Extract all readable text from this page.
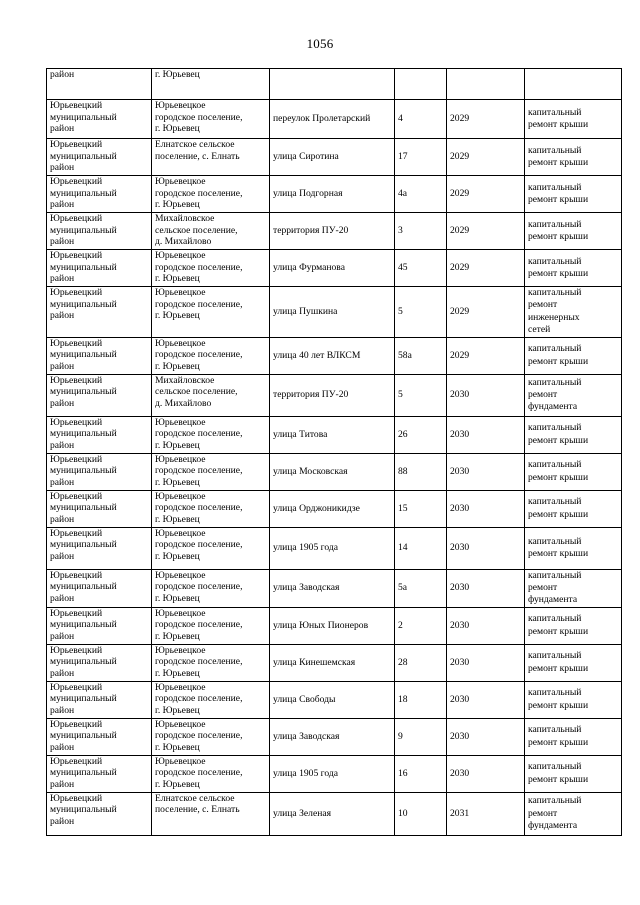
1056
район	г. Юрьевец				

Юрьевецкий
муниципальный
район	Юрьевецкое
городское поселение,
г. Юрьевец	переулок Пролетарский	4	2029	капитальный
ремонт крыши

Юрьевецкий
муниципальный
район	Елнатское сельское
поселение, с. Елнать	улица Сиротина	17	2029	капитальный
ремонт крыши

Юрьевецкий
муниципальный
район	Юрьевецкое
городское поселение,
г. Юрьевец	улица Подгорная	4а	2029	капитальный
ремонт крыши

Юрьевецкий
муниципальный
район	Михайловское
сельское поселение,
д. Михайлово	территория ПУ-20	3	2029	капитальный
ремонт крыши

Юрьевецкий
муниципальный
район	Юрьевецкое
городское поселение,
г. Юрьевец	улица Фурманова	45	2029	капитальный
ремонт крыши

Юрьевецкий
муниципальный
район	Юрьевецкое
городское поселение,
г. Юрьевец	улица Пушкина	5	2029	капитальный
ремонт
инженерных
сетей

Юрьевецкий
муниципальный
район	Юрьевецкое
городское поселение,
г. Юрьевец	улица 40 лет ВЛКСМ	58а	2029	капитальный
ремонт крыши

Юрьевецкий
муниципальный
район	Михайловское
сельское поселение,
д. Михайлово	территория ПУ-20	5	2030	капитальный
ремонт
фундамента

Юрьевецкий
муниципальный
район	Юрьевецкое
городское поселение,
г. Юрьевец	улица Титова	26	2030	капитальный
ремонт крыши

Юрьевецкий
муниципальный
район	Юрьевецкое
городское поселение,
г. Юрьевец	улица Московская	88	2030	капитальный
ремонт крыши

Юрьевецкий
муниципальный
район	Юрьевецкое
городское поселение,
г. Юрьевец	улица Орджоникидзе	15	2030	капитальный
ремонт крыши

Юрьевецкий
муниципальный
район	Юрьевецкое
городское поселение,
г. Юрьевец	улица 1905 года	14	2030	капитальный
ремонт крыши

Юрьевецкий
муниципальный
район	Юрьевецкое
городское поселение,
г. Юрьевец	улица Заводская	5а	2030	капитальный
ремонт
фундамента

Юрьевецкий
муниципальный
район	Юрьевецкое
городское поселение,
г. Юрьевец	улица Юных Пионеров	2	2030	капитальный
ремонт крыши

Юрьевецкий
муниципальный
район	Юрьевецкое
городское поселение,
г. Юрьевец	улица Кинешемская	28	2030	капитальный
ремонт крыши

Юрьевецкий
муниципальный
район	Юрьевецкое
городское поселение,
г. Юрьевец	улица Свободы	18	2030	капитальный
ремонт крыши

Юрьевецкий
муниципальный
район	Юрьевецкое
городское поселение,
г. Юрьевец	улица Заводская	9	2030	капитальный
ремонт крыши

Юрьевецкий
муниципальный
район	Юрьевецкое
городское поселение,
г. Юрьевец	улица 1905 года	16	2030	капитальный
ремонт крыши

Юрьевецкий
муниципальный
район	Елнатское сельское
поселение, с. Елнать	улица Зеленая	10	2031	капитальный
ремонт
фундамента
